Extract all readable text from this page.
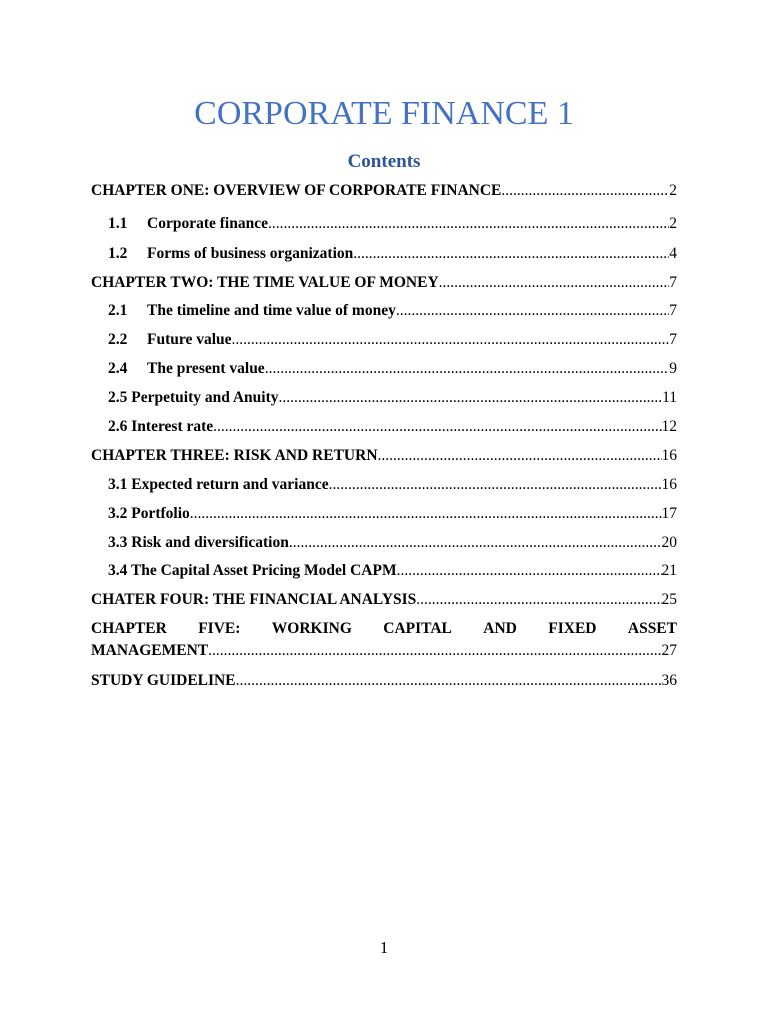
CORPORATE FINANCE 1
Contents
CHAPTER ONE: OVERVIEW OF CORPORATE FINANCE .....	2
1.1	Corporate finance .....	2
1.2	Forms of business organization .....	4
CHAPTER TWO: THE TIME VALUE OF MONEY .....	7
2.1	The timeline and time value of money .....	7
2.2	Future value .....	7
2.4	The present value .....	9
2.5 Perpetuity and Anuity .....	11
2.6 Interest rate .....	12
CHAPTER THREE: RISK AND RETURN .....	16
3.1 Expected return and variance .....	16
3.2 Portfolio .....	17
3.3 Risk and diversification .....	20
3.4 The Capital Asset Pricing Model CAPM .....	21
CHATER FOUR: THE FINANCIAL ANALYSIS .....	25
CHAPTER FIVE: WORKING CAPITAL AND FIXED ASSET
MANAGEMENT .....	27
STUDY GUIDELINE .....	36
1
